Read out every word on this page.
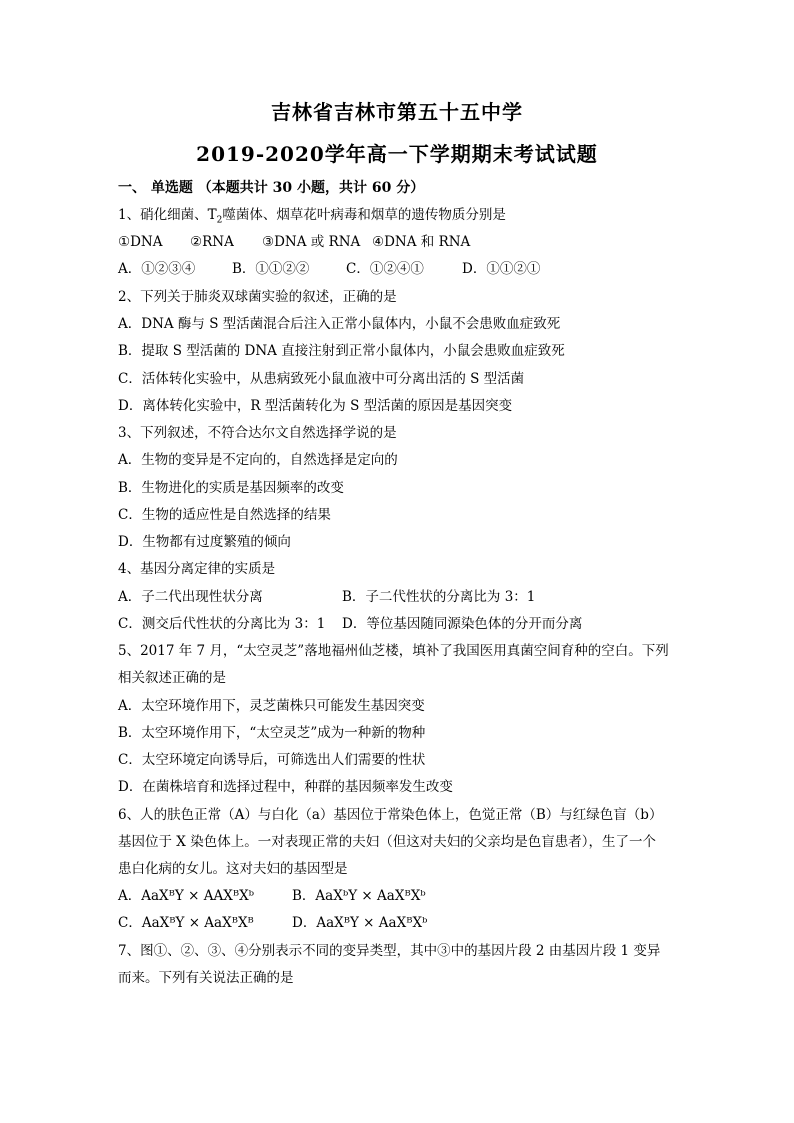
吉林省吉林市第五十五中学
2019-2020学年高一下学期期末考试试题
一、 单选题 （本题共计 30 小题，共计 60 分）
1、硝化细菌、$T_2$噬菌体、烟草花叶病毒和烟草的遗传物质分别是
①DNA ②RNA ③DNA 或 RNA ④DNA 和 RNA
A．①②③④	B．①①②②	C．①②④①	D．①①②①
2、下列关于肺炎双球菌实验的叙述，正确的是
A．DNA 酶与 S 型活菌混合后注入正常小鼠体内，小鼠不会患败血症致死
B．提取 S 型活菌的 DNA 直接注射到正常小鼠体内，小鼠会患败血症致死
C．活体转化实验中，从患病致死小鼠血液中可分离出活的 S 型活菌
D．离体转化实验中，R 型活菌转化为 S 型活菌的原因是基因突变
3、下列叙述，不符合达尔文自然选择学说的是
A．生物的变异是不定向的，自然选择是定向的
B．生物进化的实质是基因频率的改变
C．生物的适应性是自然选择的结果
D．生物都有过度繁殖的倾向
4、基因分离定律的实质是
A．子二代出现性状分离	B．子二代性状的分离比为 3：1
C．测交后代性状的分离比为 3：1 D．等位基因随同源染色体的分开而分离
5、2017 年 7 月，“太空灵芝”落地福州仙芝楼，填补了我国医用真菌空间育种的空白。下列
相关叙述正确的是
A．太空环境作用下，灵芝菌株只可能发生基因突变
B．太空环境作用下，“太空灵芝”成为一种新的物种
C．太空环境定向诱导后，可筛选出人们需要的性状
D．在菌株培育和选择过程中，种群的基因频率发生改变
6、人的肤色正常（A）与白化（a）基因位于常染色体上，色觉正常（B）与红绿色盲（b）
基因位于 X 染色体上。一对表现正常的夫妇（但这对夫妇的父亲均是色盲患者），生了一个
患白化病的女儿。这对夫妇的基因型是
A．AaXᴮY × AAXᴮXᵇ	B．AaXᵇY × AaXᴮXᵇ
C．AaXᴮY × AaXᴮXᴮ	D．AaXᴮY × AaXᴮXᵇ
7、图①、②、③、④分别表示不同的变异类型，其中③中的基因片段 2 由基因片段 1 变异
而来。下列有关说法正确的是
